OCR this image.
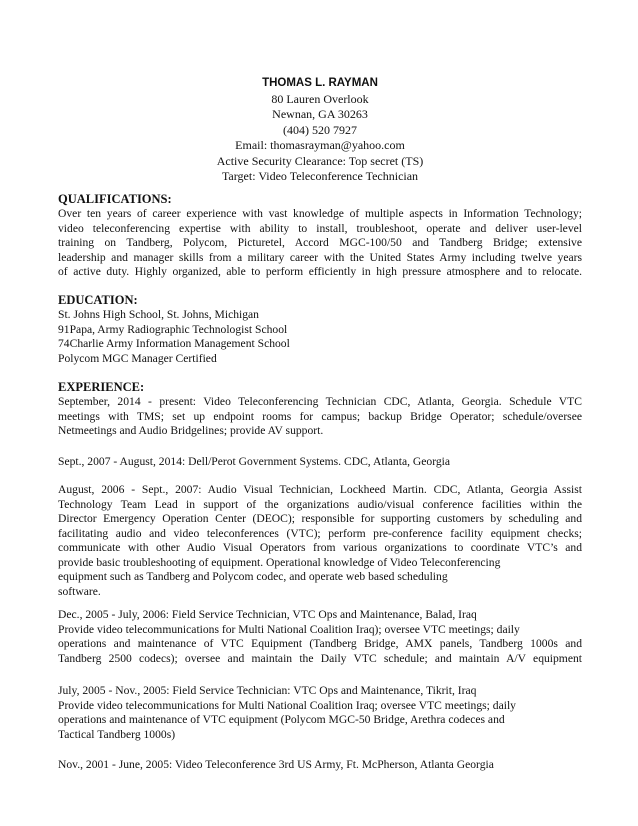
THOMAS L. RAYMAN
80 Lauren Overlook
Newnan, GA 30263
(404) 520 7927
Email: thomasrayman@yahoo.com
Active Security Clearance: Top secret (TS)
Target: Video Teleconference Technician
QUALIFICATIONS:
Over ten years of career experience with vast knowledge of multiple aspects in Information Technology;
video teleconferencing expertise with ability to install, troubleshoot, operate and deliver user-level
training on Tandberg, Polycom, Picturetel, Accord MGC-100/50 and Tandberg Bridge; extensive
leadership and manager skills from a military career with the United States Army including twelve years
of active duty. Highly organized, able to perform efficiently in high pressure atmosphere and to relocate.
EDUCATION:
St. Johns High School, St. Johns, Michigan
91Papa, Army Radiographic Technologist School
74Charlie Army Information Management School
Polycom MGC Manager Certified
EXPERIENCE:
September, 2014 - present: Video Teleconferencing Technician CDC, Atlanta, Georgia. Schedule VTC
meetings with TMS; set up endpoint rooms for campus; backup Bridge Operator; schedule/oversee
Netmeetings and Audio Bridgelines; provide AV support.
Sept., 2007 - August, 2014: Dell/Perot Government Systems. CDC, Atlanta, Georgia
August, 2006 - Sept., 2007: Audio Visual Technician, Lockheed Martin. CDC, Atlanta, Georgia Assist
Technology Team Lead in support of the organizations audio/visual conference facilities within the
Director Emergency Operation Center (DEOC); responsible for supporting customers by scheduling and
facilitating audio and video teleconferences (VTC); perform pre-conference facility equipment checks;
communicate with other Audio Visual Operators from various organizations to coordinate VTC’s and
provide basic troubleshooting of equipment. Operational knowledge of Video Teleconferencing
equipment such as Tandberg and Polycom codec, and operate web based scheduling
software.
Dec., 2005 - July, 2006: Field Service Technician, VTC Ops and Maintenance, Balad, Iraq
Provide video telecommunications for Multi National Coalition Iraq); oversee VTC meetings; daily
operations and maintenance of VTC Equipment (Tandberg Bridge, AMX panels, Tandberg 1000s and
Tandberg 2500 codecs); oversee and maintain the Daily VTC schedule; and maintain A/V equipment
July, 2005 - Nov., 2005: Field Service Technician: VTC Ops and Maintenance, Tikrit, Iraq
Provide video telecommunications for Multi National Coalition Iraq; oversee VTC meetings; daily
operations and maintenance of VTC equipment (Polycom MGC-50 Bridge, Arethra codeces and
Tactical Tandberg 1000s)
Nov., 2001 - June, 2005: Video Teleconference 3rd US Army, Ft. McPherson, Atlanta Georgia
